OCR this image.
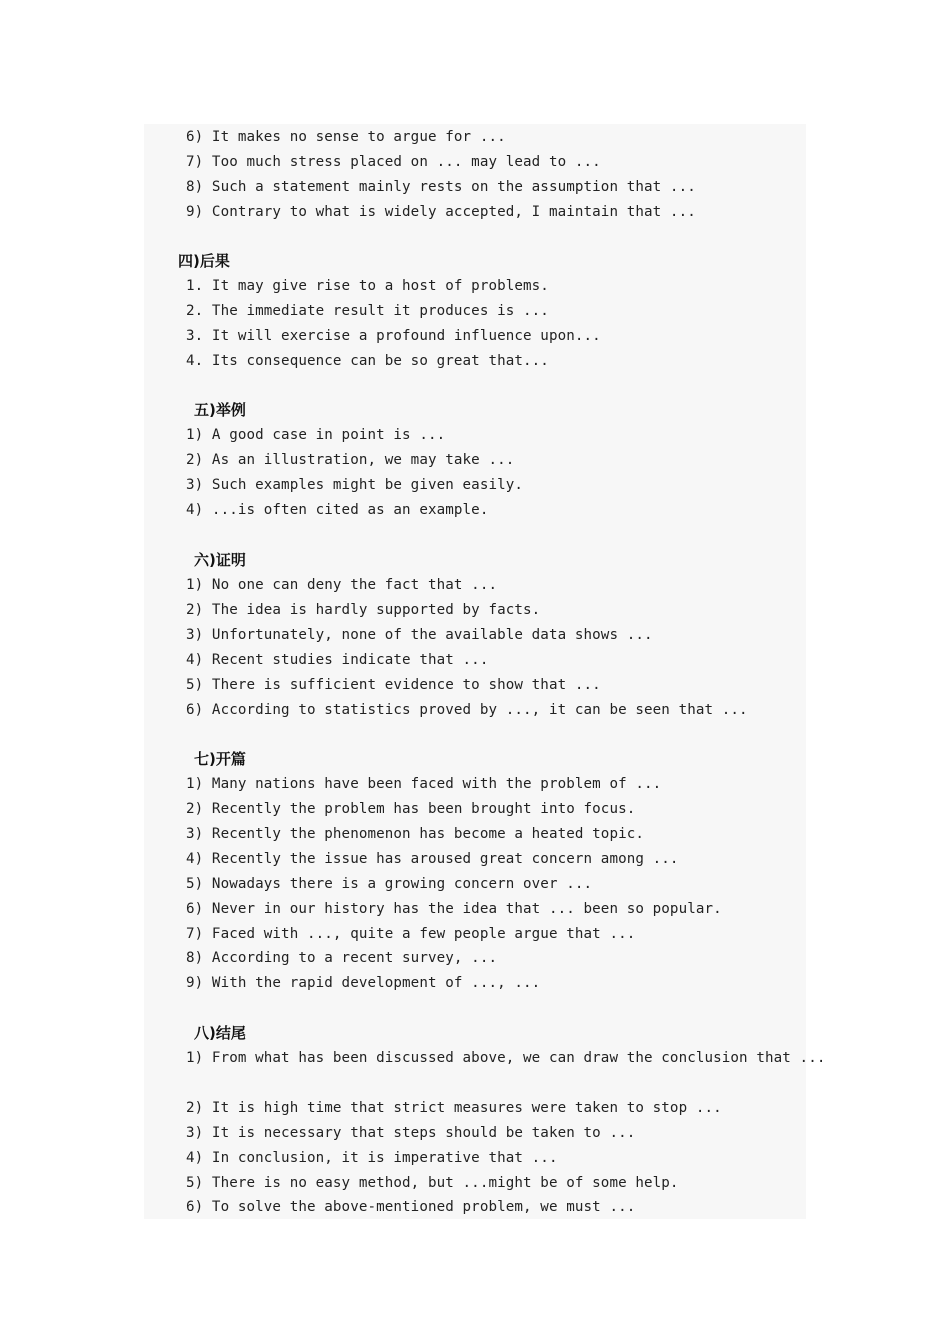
6) It makes no sense to argue for ...
7) Too much stress placed on ... may lead to ...
8) Such a statement mainly rests on the assumption that ...
9) Contrary to what is widely accepted, I maintain that ...
四)后果
1. It may give rise to a host of problems.
2. The immediate result it produces is ...
3. It will exercise a profound influence upon...
4. Its consequence can be so great that...
五)举例
1) A good case in point is ...
2) As an illustration, we may take ...
3) Such examples might be given easily.
4) ...is often cited as an example.
六)证明
1) No one can deny the fact that ...
2) The idea is hardly supported by facts.
3) Unfortunately, none of the available data shows ...
4) Recent studies indicate that ...
5) There is sufficient evidence to show that ...
6) According to statistics proved by ..., it can be seen that ...
七)开篇
1) Many nations have been faced with the problem of ...
2) Recently the problem has been brought into focus.
3) Recently the phenomenon has become a heated topic.
4) Recently the issue has aroused great concern among ...
5) Nowadays there is a growing concern over ...
6) Never in our history has the idea that ... been so popular.
7) Faced with ..., quite a few people argue that ...
8) According to a recent survey, ...
9) With the rapid development of ..., ...
八)结尾
1) From what has been discussed above, we can draw the conclusion that ...
2) It is high time that strict measures were taken to stop ...
3) It is necessary that steps should be taken to ...
4) In conclusion, it is imperative that ...
5) There is no easy method, but ...might be of some help.
6) To solve the above-mentioned problem, we must ...
